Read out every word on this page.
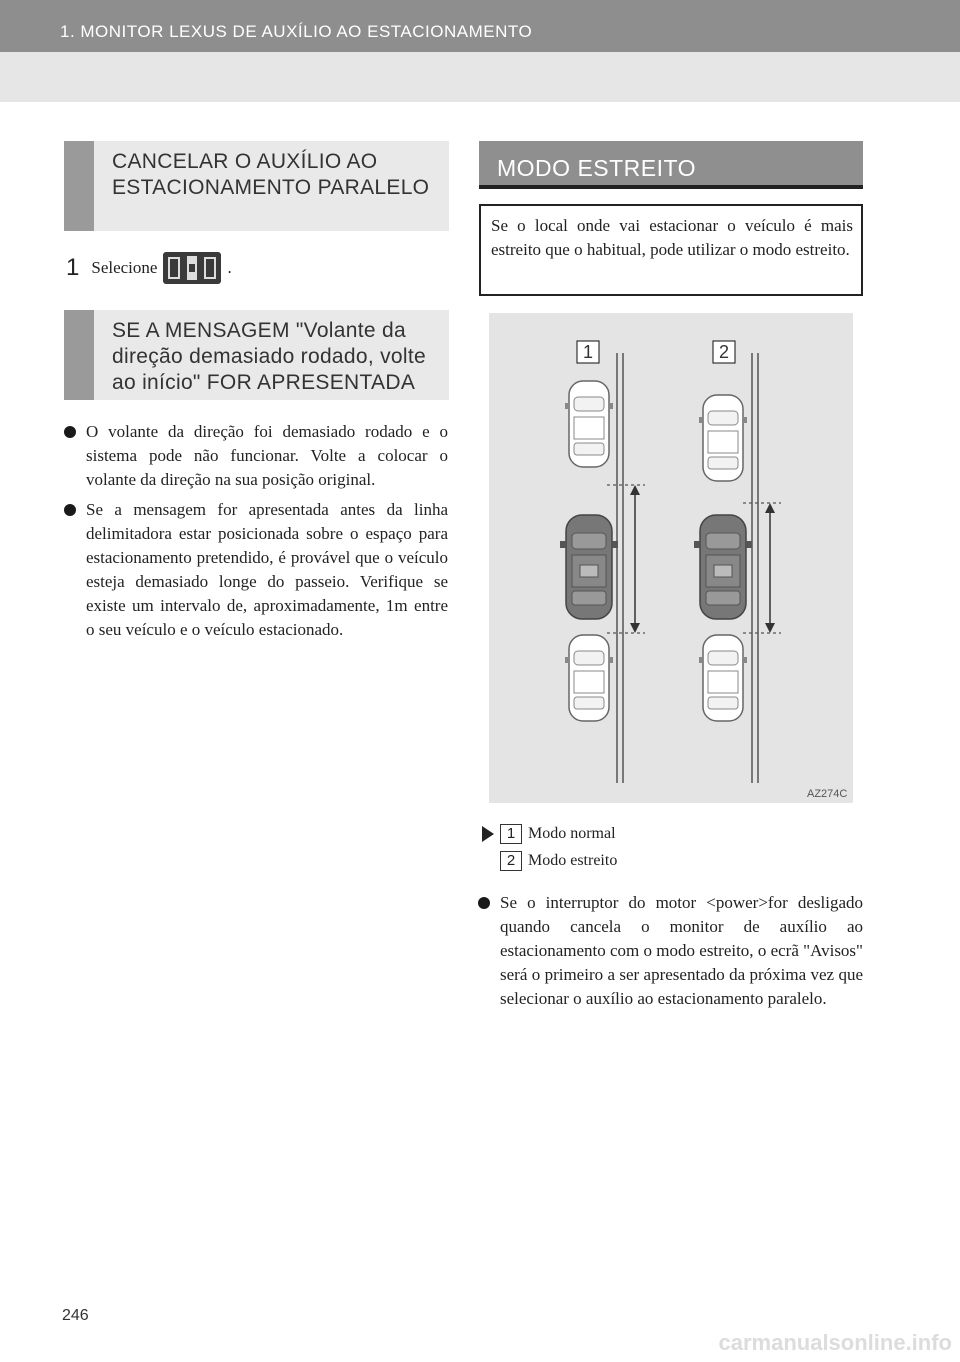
1. MONITOR LEXUS DE AUXÍLIO AO ESTACIONAMENTO
CANCELAR O AUXÍLIO AO ESTACIONAMENTO PARALELO
1 Selecione	.
SE A MENSAGEM "Volante da direção demasiado rodado, volte ao início" FOR APRESENTADA
O volante da direção foi demasiado rodado e o sistema pode não funcionar. Volte a colocar o volante da direção na sua posição original.
Se a mensagem for apresentada antes da linha delimitadora estar posicionada sobre o espaço para estacionamento pretendido, é provável que o veículo esteja demasiado longe do passeio. Verifique se existe um intervalo de, aproximadamente, 1m entre o seu veículo e o veículo estacionado.
MODO ESTREITO
Se o local onde vai estacionar o veículo é mais estreito que o habitual, pode utilizar o modo estreito.
1	2
AZ274C
1 Modo normal
2 Modo estreito
Se o interruptor do motor <power>for desligado quando cancela o monitor de auxílio ao estacionamento com o modo estreito, o ecrã "Avisos" será o primeiro a ser apresentado da próxima vez que selecionar o auxílio ao estacionamento paralelo.
246
carmanualsonline.info
